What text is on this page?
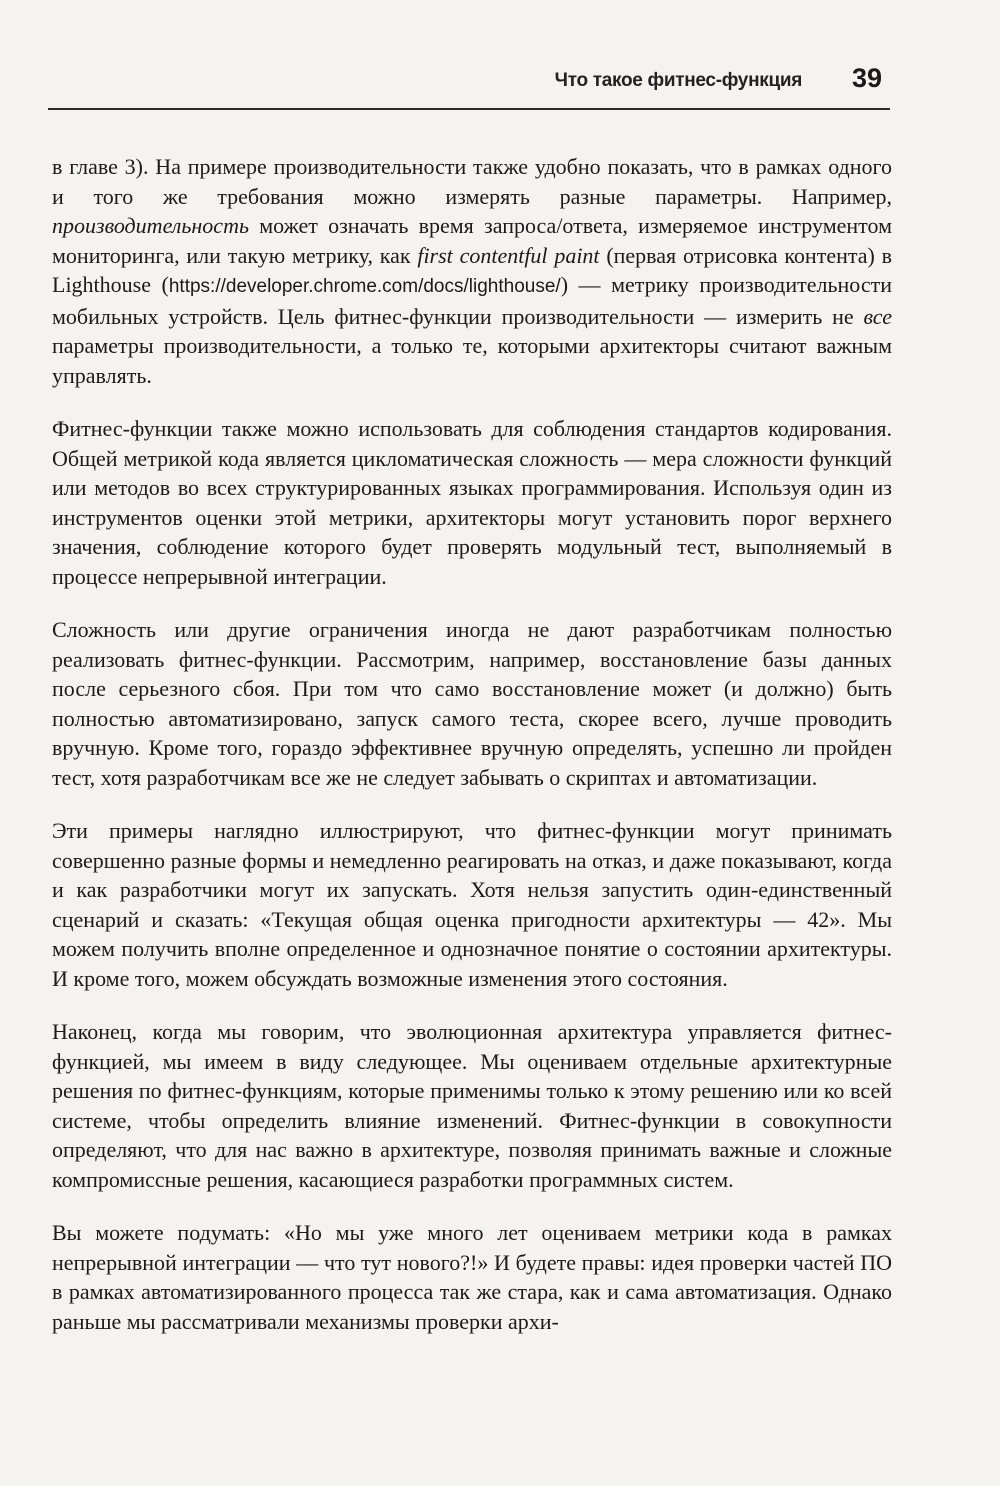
Что такое фитнес-функция 39

в главе 3). На примере производительности также удобно показать, что в рамках одного и того же требования можно измерять разные параметры. Например, производительность может означать время запроса/ответа, измеряемое инструментом мониторинга, или такую метрику, как first contentful paint (первая отрисовка контента) в Lighthouse (https://developer.chrome.com/docs/lighthouse/) — метрику производительности мобильных устройств. Цель фитнес-функции производительности — измерить не все параметры производительности, а только те, которыми архитекторы считают важным управлять.

Фитнес-функции также можно использовать для соблюдения стандартов кодирования. Общей метрикой кода является цикломатическая сложность — мера сложности функций или методов во всех структурированных языках программирования. Используя один из инструментов оценки этой метрики, архитекторы могут установить порог верхнего значения, соблюдение которого будет проверять модульный тест, выполняемый в процессе непрерывной интеграции.

Сложность или другие ограничения иногда не дают разработчикам полностью реализовать фитнес-функции. Рассмотрим, например, восстановление базы данных после серьезного сбоя. При том что само восстановление может (и должно) быть полностью автоматизировано, запуск самого теста, скорее всего, лучше проводить вручную. Кроме того, гораздо эффективнее вручную определять, успешно ли пройден тест, хотя разработчикам все же не следует забывать о скриптах и автоматизации.

Эти примеры наглядно иллюстрируют, что фитнес-функции могут принимать совершенно разные формы и немедленно реагировать на отказ, и даже показывают, когда и как разработчики могут их запускать. Хотя нельзя запустить один-единственный сценарий и сказать: «Текущая общая оценка пригодности архитектуры — 42». Мы можем получить вполне определенное и однозначное понятие о состоянии архитектуры. И кроме того, можем обсуждать возможные изменения этого состояния.

Наконец, когда мы говорим, что эволюционная архитектура управляется фитнес-функцией, мы имеем в виду следующее. Мы оцениваем отдельные архитектурные решения по фитнес-функциям, которые применимы только к этому решению или ко всей системе, чтобы определить влияние изменений. Фитнес-функции в совокупности определяют, что для нас важно в архитектуре, позволяя принимать важные и сложные компромиссные решения, касающиеся разработки программных систем.

Вы можете подумать: «Но мы уже много лет оцениваем метрики кода в рамках непрерывной интеграции — что тут нового?!» И будете правы: идея проверки частей ПО в рамках автоматизированного процесса так же стара, как и сама автоматизация. Однако раньше мы рассматривали механизмы проверки архи-
